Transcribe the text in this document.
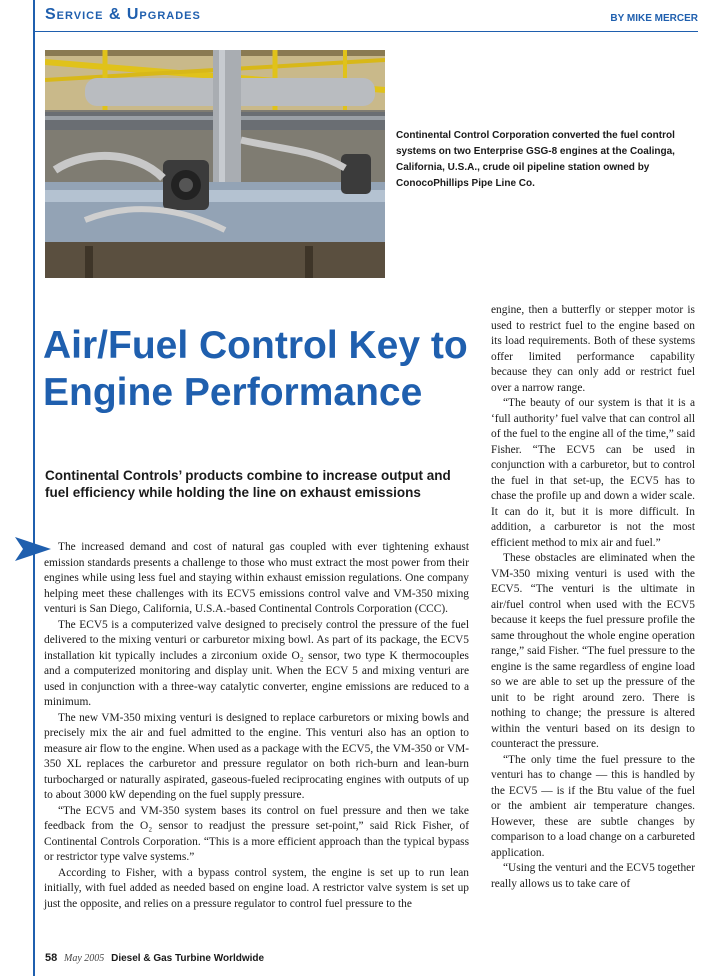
Service & Upgrades	BY MIKE MERCER
Continental Control Corporation converted the fuel control systems on two Enterprise GSG-8 engines at the Coalinga, California, U.S.A., crude oil pipeline station owned by ConocoPhillips Pipe Line Co.
Air/Fuel Control Key to Engine Performance
Continental Controls’ products combine to increase output and fuel efficiency while holding the line on exhaust emissions

The increased demand and cost of natural gas coupled with ever tightening exhaust emission standards presents a challenge to those who must extract the most power from their engines while using less fuel and staying within exhaust emission regulations. One company helping meet these challenges with its ECV5 emissions control valve and VM-350 mixing venturi is San Diego, California, U.S.A.-based Continental Controls Corporation (CCC).

The ECV5 is a computerized valve designed to precisely control the pressure of the fuel delivered to the mixing venturi or carburetor mixing bowl. As part of its package, the ECV5 installation kit typically includes a zirconium oxide O₂ sensor, two type K thermocouples and a computerized monitoring and display unit. When the ECV 5 and mixing venturi are used in conjunction with a three-way catalytic converter, engine emissions are reduced to a minimum.

The new VM-350 mixing venturi is designed to replace carburetors or mixing bowls and precisely mix the air and fuel admitted to the engine. This venturi also has an option to measure air flow to the engine. When used as a package with the ECV5, the VM-350 or VM-350 XL replaces the carburetor and pressure regulator on both rich-burn and lean-burn turbocharged or naturally aspirated, gaseous-fueled reciprocating engines with outputs of up to about 3000 kW depending on the fuel supply pressure.

“The ECV5 and VM-350 system bases its control on fuel pressure and then we take feedback from the O₂ sensor to readjust the pressure set-point,” said Rick Fisher, of Continental Controls Corporation. “This is a more efficient approach than the typical bypass or restrictor type valve systems.”

According to Fisher, with a bypass control system, the engine is set up to run lean initially, with fuel added as needed based on engine load. A restrictor valve system is set up just the opposite, and relies on a pressure regulator to control fuel pressure to the

engine, then a butterfly or stepper motor is used to restrict fuel to the engine based on its load requirements. Both of these systems offer limited performance capability because they can only add or restrict fuel over a narrow range.

“The beauty of our system is that it is a ‘full authority’ fuel valve that can control all of the fuel to the engine all of the time,” said Fisher. “The ECV5 can be used in conjunction with a carburetor, but to control the fuel in that set-up, the ECV5 has to chase the profile up and down a wider scale. It can do it, but it is more difficult. In addition, a carburetor is not the most efficient method to mix air and fuel.”

These obstacles are eliminated when the VM-350 mixing venturi is used with the ECV5. “The venturi is the ultimate in air/fuel control when used with the ECV5 because it keeps the fuel pressure profile the same throughout the whole engine operation range,” said Fisher. “The fuel pressure to the engine is the same regardless of engine load so we are able to set up the pressure of the unit to be right around zero. There is nothing to change; the pressure is altered within the venturi based on its design to counteract the pressure.

“The only time the fuel pressure to the venturi has to change — this is handled by the ECV5 — is if the Btu value of the fuel or the ambient air temperature changes. However, these are subtle changes by comparison to a load change on a carbureted application.

“Using the venturi and the ECV5 together really allows us to take care of

58 May 2005 Diesel & Gas Turbine Worldwide
